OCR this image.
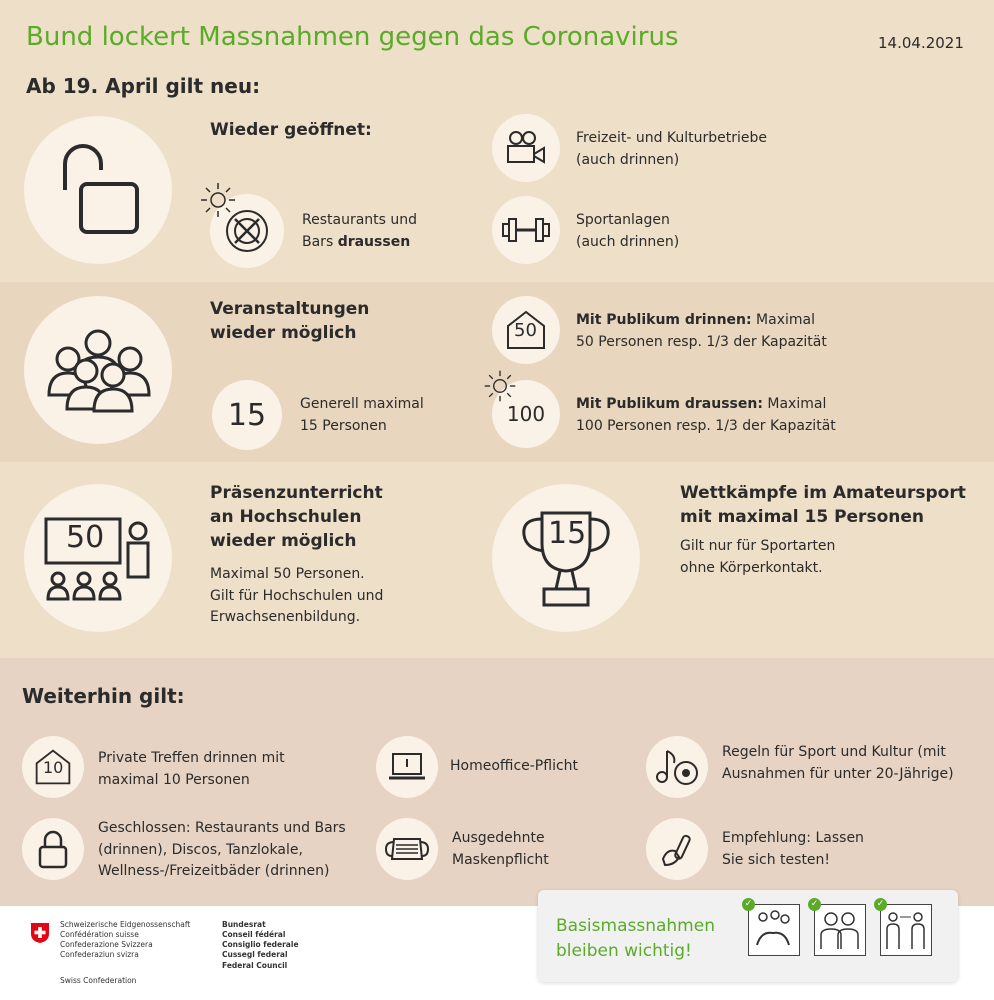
Bund lockert Massnahmen gegen das Coronavirus	14.04.2021
Ab 19. April gilt neu:
Wieder geöffnet:
Restaurants und
Bars draussen
Freizeit- und Kulturbetriebe
(auch drinnen)
Sportanlagen
(auch drinnen)
Veranstaltungen
wieder möglich
15 Generell maximal
15 Personen
50	Mit Publikum drinnen: Maximal
50 Personen resp. 1/3 der Kapazität
100 Mit Publikum draussen: Maximal
100 Personen resp. 1/3 der Kapazität
50
Präsenzunterricht
an Hochschulen
wieder möglich
Maximal 50 Personen.
Gilt für Hochschulen und
Erwachsenenbildung.
15
Wettkämpfe im Amateursport
mit maximal 15 Personen
Gilt nur für Sportarten
ohne Körperkontakt.
Weiterhin gilt:
10 Private Treffen drinnen mit
maximal 10 Personen
Homeoffice-Pflicht
Regeln für Sport und Kultur (mit
Ausnahmen für unter 20-Jährige)
Geschlossen: Restaurants und Bars
(drinnen), Discos, Tanzlokale,
Wellness-/Freizeitbäder (drinnen)
Ausgedehnte
Maskenpflicht
Empfehlung: Lassen
Sie sich testen!
Schweizerische Eidgenossenschaft
Confédération suisse
Confederazione Svizzera
Confederaziun svizra
Swiss Confederation
Bundesrat
Conseil fédéral
Consiglio federale
Cussegl federal
Federal Council
Basismassnahmen
bleiben wichtig!
✓	✓	✓
